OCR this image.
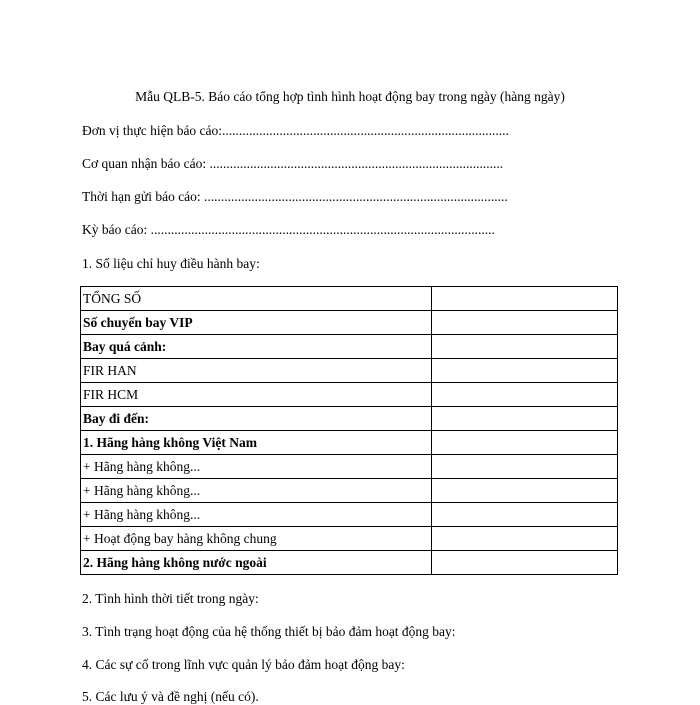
Mẫu QLB-5. Báo cáo tổng hợp tình hình hoạt động bay trong ngày (hàng ngày)
Đơn vị thực hiện báo cáo:.....................................................................................
Cơ quan nhận báo cáo: .......................................................................................
Thời hạn gửi báo cáo: ..........................................................................................
Kỳ báo cáo: ......................................................................................................
1. Số liệu chỉ huy điều hành bay:
TỔNG SỐ	
Số chuyến bay VIP	
Bay quá cảnh:	
FIR HAN	
FIR HCM	
Bay đi đến:	
1. Hãng hàng không Việt Nam	
+ Hãng hàng không...	
+ Hãng hàng không...	
+ Hãng hàng không...	
+ Hoạt động bay hàng không chung	
2. Hãng hàng không nước ngoài	
2. Tình hình thời tiết trong ngày:
3. Tình trạng hoạt động của hệ thống thiết bị bảo đảm hoạt động bay:
4. Các sự cố trong lĩnh vực quản lý bảo đảm hoạt động bay:
5. Các lưu ý và đề nghị (nếu có).
